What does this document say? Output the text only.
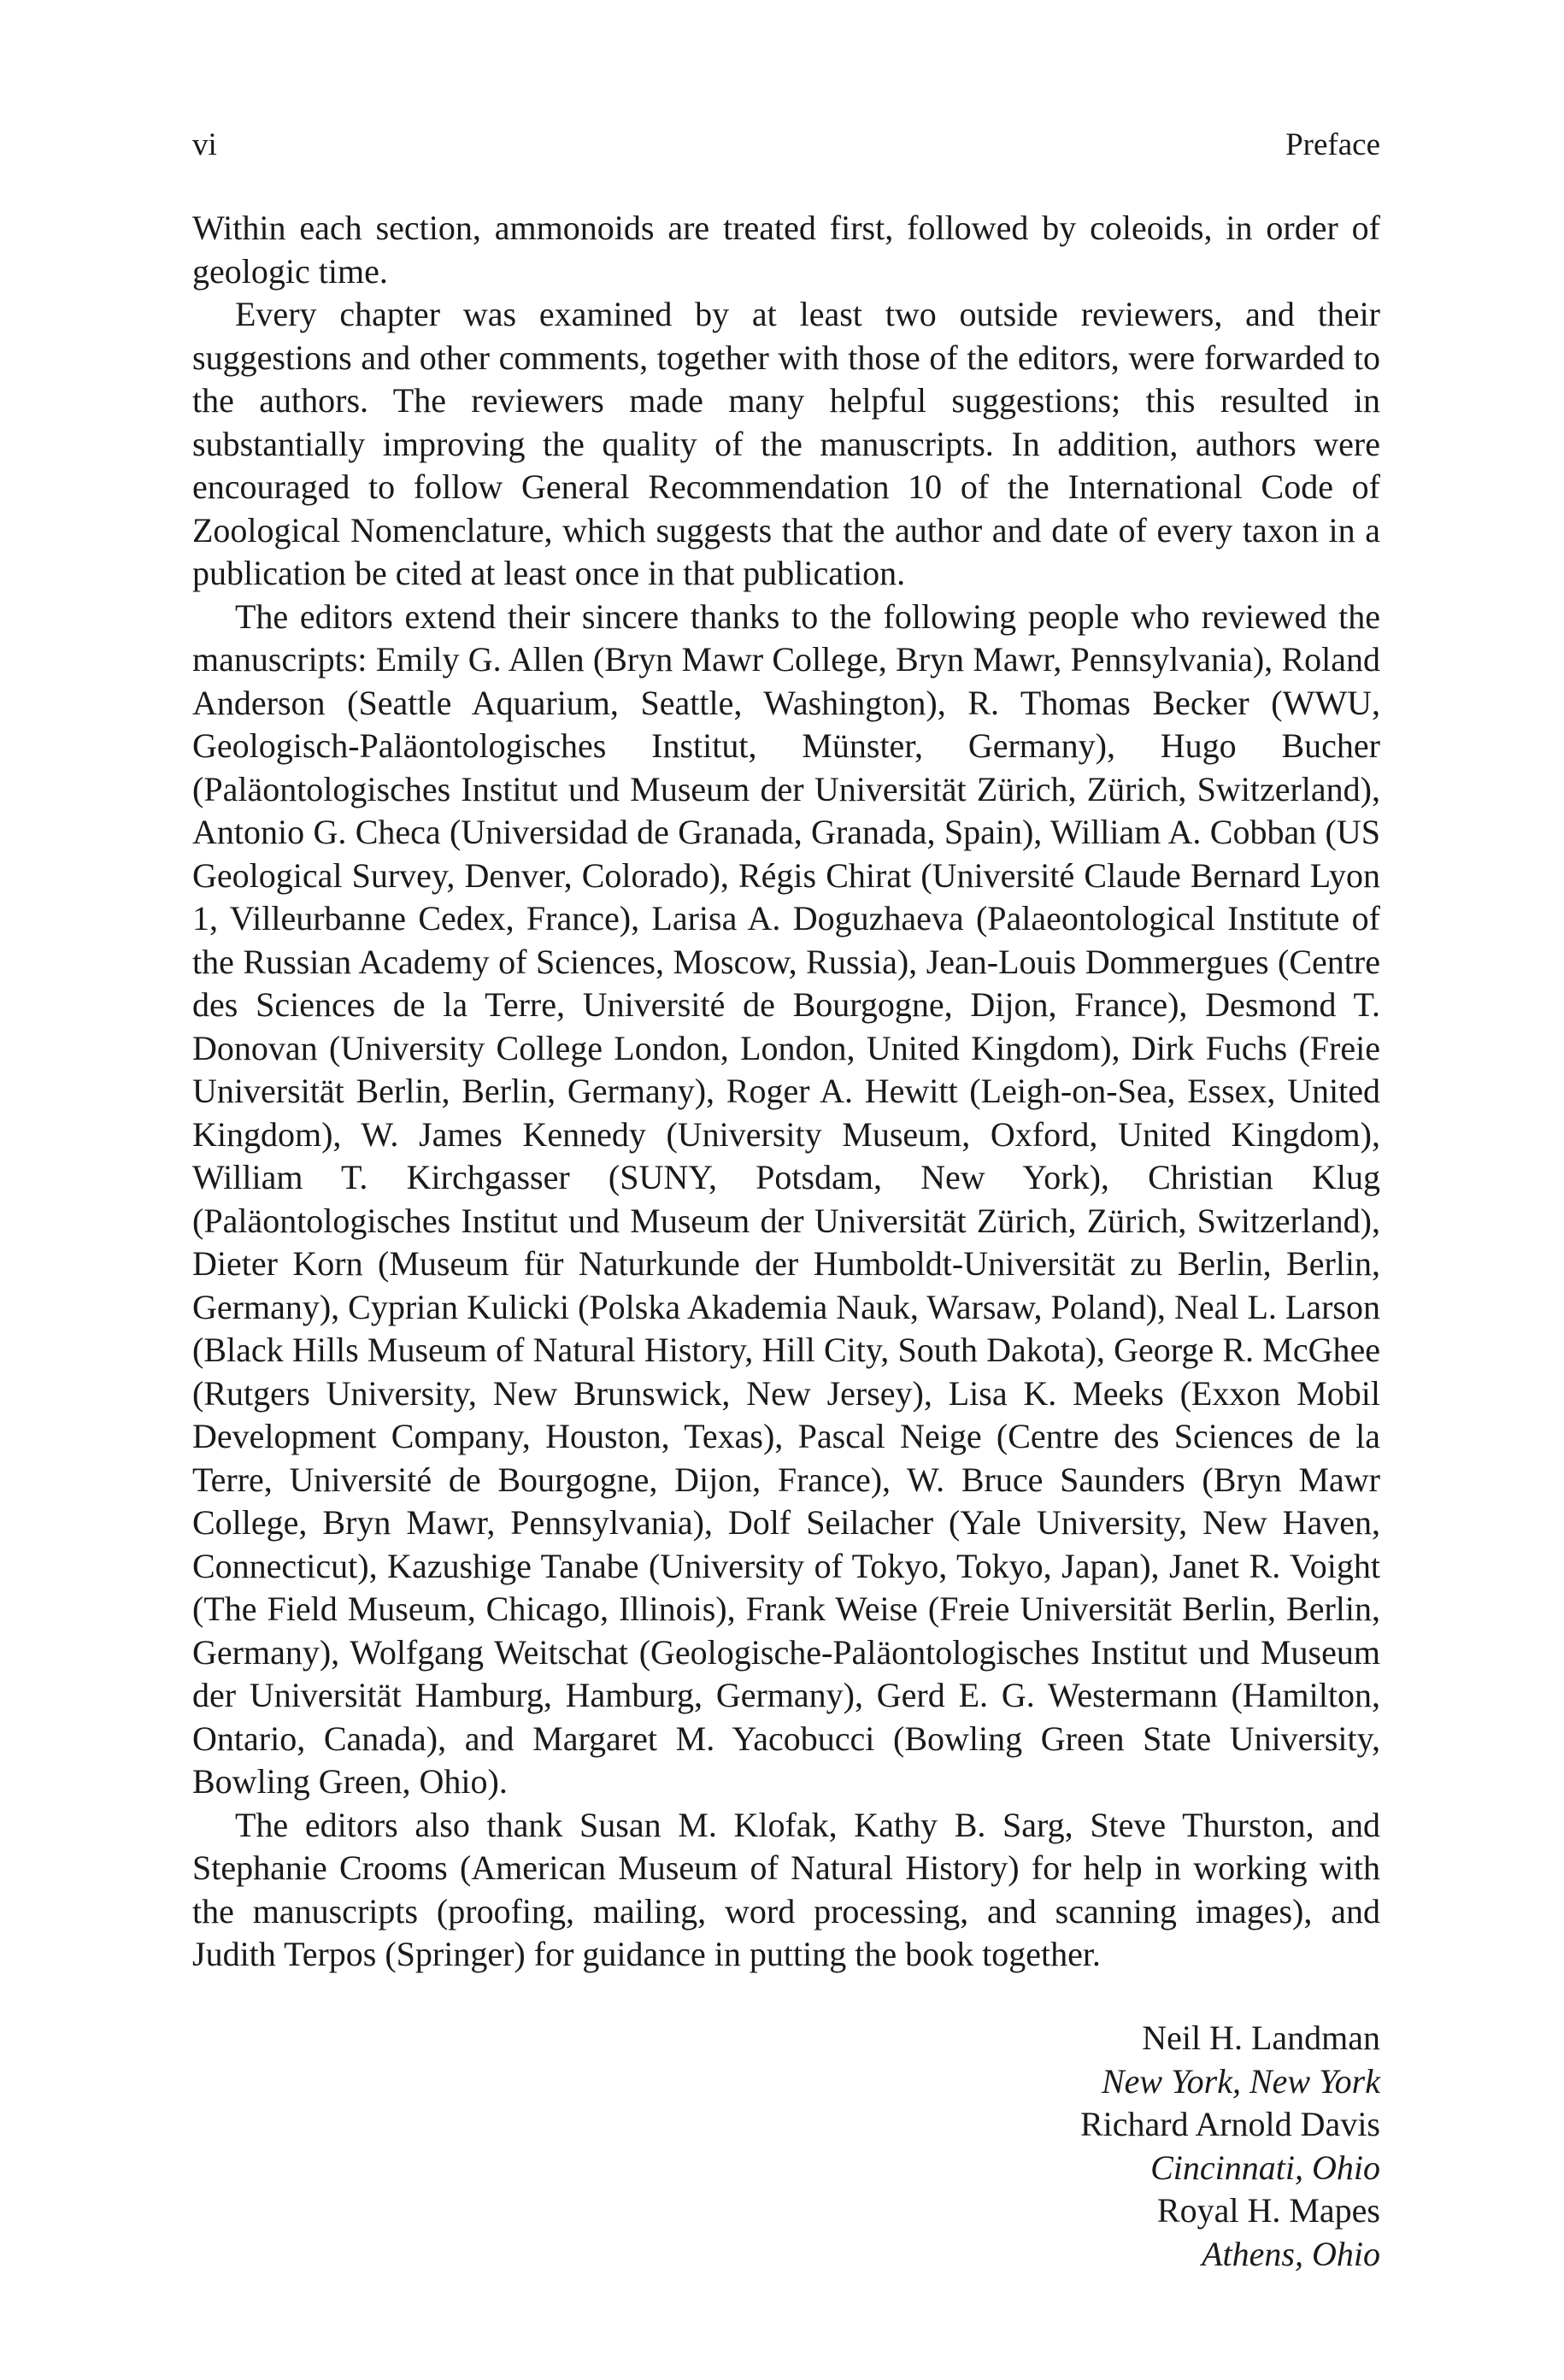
vi	Preface

Within each section, ammonoids are treated first, followed by coleoids, in order of geologic time.

Every chapter was examined by at least two outside reviewers, and their suggestions and other comments, together with those of the editors, were forwarded to the authors. The reviewers made many helpful suggestions; this resulted in substantially improving the quality of the manuscripts. In addition, authors were encouraged to follow General Recommendation 10 of the International Code of Zoological Nomenclature, which suggests that the author and date of every taxon in a publication be cited at least once in that publication.

The editors extend their sincere thanks to the following people who reviewed the manuscripts: Emily G. Allen (Bryn Mawr College, Bryn Mawr, Pennsylvania), Roland Anderson (Seattle Aquarium, Seattle, Washington), R. Thomas Becker (WWU, Geologisch-Paläontologisches Institut, Münster, Germany), Hugo Bucher (Paläontologisches Institut und Museum der Universität Zürich, Zürich, Switzerland), Antonio G. Checa (Universidad de Granada, Granada, Spain), William A. Cobban (US Geological Survey, Denver, Colorado), Régis Chirat (Université Claude Bernard Lyon 1, Villeurbanne Cedex, France), Larisa A. Doguzhaeva (Palaeontological Institute of the Russian Academy of Sciences, Moscow, Russia), Jean-Louis Dommergues (Centre des Sciences de la Terre, Université de Bourgogne, Dijon, France), Desmond T. Donovan (University College London, London, United Kingdom), Dirk Fuchs (Freie Universität Berlin, Berlin, Germany), Roger A. Hewitt (Leigh-on-Sea, Essex, United Kingdom), W. James Kennedy (University Museum, Oxford, United Kingdom), William T. Kirchgasser (SUNY, Potsdam, New York), Christian Klug (Paläontologisches Institut und Museum der Universität Zürich, Zürich, Switzerland), Dieter Korn (Museum für Naturkunde der Humboldt-Universität zu Berlin, Berlin, Germany), Cyprian Kulicki (Polska Akademia Nauk, Warsaw, Poland), Neal L. Larson (Black Hills Museum of Natural History, Hill City, South Dakota), George R. McGhee (Rutgers University, New Brunswick, New Jersey), Lisa K. Meeks (Exxon Mobil Development Company, Houston, Texas), Pascal Neige (Centre des Sciences de la Terre, Université de Bourgogne, Dijon, France), W. Bruce Saunders (Bryn Mawr College, Bryn Mawr, Pennsylvania), Dolf Seilacher (Yale University, New Haven, Connecticut), Kazushige Tanabe (University of Tokyo, Tokyo, Japan), Janet R. Voight (The Field Museum, Chicago, Illinois), Frank Weise (Freie Universität Berlin, Berlin, Germany), Wolfgang Weitschat (Geologische-Paläontologisches Institut und Museum der Universität Hamburg, Hamburg, Germany), Gerd E. G. Westermann (Hamilton, Ontario, Canada), and Margaret M. Yacobucci (Bowling Green State University, Bowling Green, Ohio).

The editors also thank Susan M. Klofak, Kathy B. Sarg, Steve Thurston, and Stephanie Crooms (American Museum of Natural History) for help in working with the manuscripts (proofing, mailing, word processing, and scanning images), and Judith Terpos (Springer) for guidance in putting the book together.

Neil H. Landman
New York, New York
Richard Arnold Davis
Cincinnati, Ohio
Royal H. Mapes
Athens, Ohio
